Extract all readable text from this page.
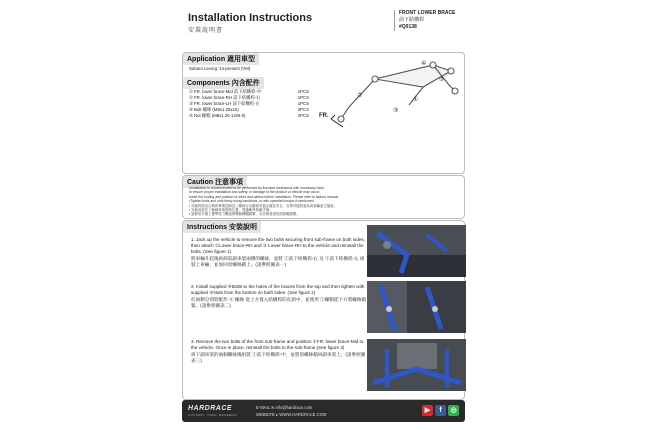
Installation Instructions
安裝說明書
FRONT LOWER BRACE
前下結構桿
#Q0138
Application 適用車型
Subaru Levorg '14-present (VM)
Components 內含配件
① FR. lower brace-Mid 前下結構桿-中	1PCS
② FR. lower brace-RH 前下結構桿-右	1PCS
③ FR. lower brace-LH 前下結構桿-左	1PCS
④ Bolt 螺絲 (M8x1.25x16)	2PCS
⑤ Nut 螺帽 (M8x1.25-12x8.5)	2PCS
①
②
③
④
⑤
FR.
Caution 注意事項
•Installation is recommended to be performed by licensed mechanics with necessary tools
to ensure proper installation and safety, or damage to the product or vehicle may occur.
•Note the routing and position of wires and cables before installation. Please refer to factory manual.
•Tighten bolts and nuts firmly using handbook, or with specified torque if mentioned.
• 安裝時請由合格的專業技師及工廠執行以確保安裝正確及安全，否則可能對產品或車輛產生損害。
• 安裝前請先了解線材與管路位置，建議參考原廠手冊。
• 請使用手冊上標準扭力數值將螺絲螺帽鎖緊，未註明者請依照規範鎖緊。
Instructions 安裝說明
1. Jack up the vehicle to remove the two bolts securing front sub-frame on both sides, then attach ①Lower brace-RH and ③ Lower brace-RH to the vehicle and reinstall the bolts. (See figure 1)
將車輛升起後拆卸前副車架兩側的螺絲，並將 ②前下結構桿-右 及 ③前下結構桿-左 組裝上車輛，並加回原螺絲鎖上。(請參照圖表一)
2. Install supplied ④Bolts to the holes of the braces from the top and then tighten with supplied ⑤Nuts from the bottom on both sides. (See figure 2)
於兩側分別將配件 ④ 螺絲 從上方置入結構桿的孔洞中，並使用 ⑤螺帽從下方將螺絲鎖緊。(請參照圖表二)
3. Remove the two bolts of the front sub-frame and position ①FR. lower brace-Mid to the vehicle. Once in place, reinstall the bolts to the sub-frame.(See figure 3)
拆下副車架的兩個螺絲後組裝 ①前下結構桿-中，並將原螺絲鎖回副車架上。(請參照圖表三)
HARDRACE
AUTO PARTS · TUNING · ENGINEERING
E-MAIL ✉ info@hardrace.com
WEBSITE ▸ WWW.HARDRACE.COM
▶	f	◎
